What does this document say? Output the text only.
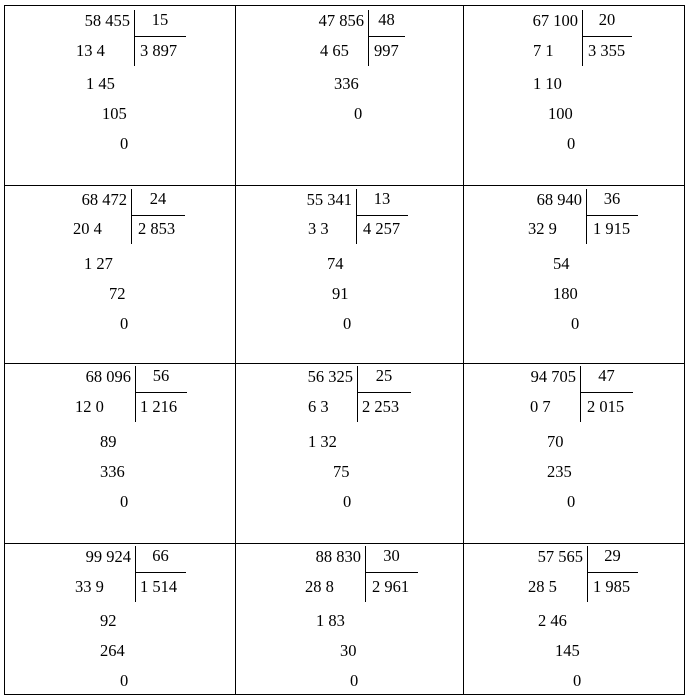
58 455	15
3 897
13 4
1 45
105
0
47 856 48
997
4 65
336
0
67 100	20
3 355
7 1
1 10
100
0
68 472	24
2 853
20 4
1 27
72
0
55 341	13
4 257
3 3
74
91
0
68 940	36
1 915
32 9
54
180
0
68 096	56
1 216
12 0
89
336
0
56 325	25
2 253
6 3
1 32
75
0
94 705	47
2 015
0 7
70
235
0
99 924	66
1 514
33 9
92
264
0
88 830	30
2 961
28 8
1 83
30
0
57 565	29
1 985
28 5
2 46
145
0
